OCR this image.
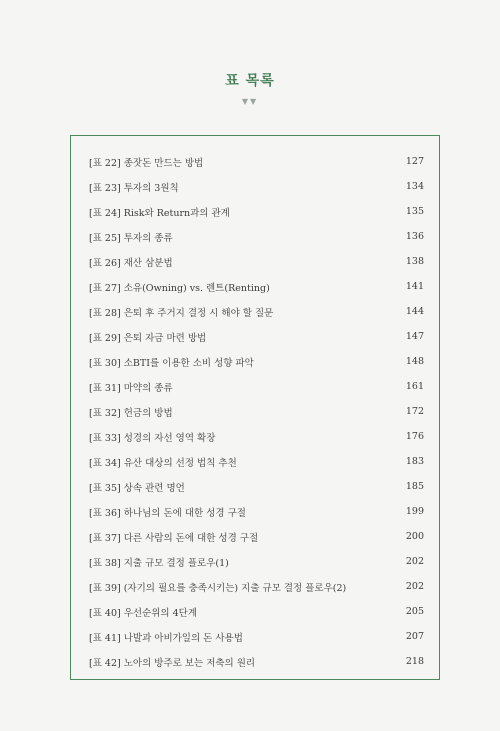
표 목록
▼▼
[표 22] 종잣돈 만드는 방법	127
[표 23] 투자의 3원칙	134
[표 24] Risk와 Return과의 관계	135
[표 25] 투자의 종류	136
[표 26] 재산 삼분법	138
[표 27] 소유(Owning) vs. 렌트(Renting)	141
[표 28] 은퇴 후 주거지 결정 시 해야 할 질문	144
[표 29] 은퇴 자금 마련 방법	147
[표 30] 소BTI를 이용한 소비 성향 파악	148
[표 31] 마약의 종류	161
[표 32] 헌금의 방법	172
[표 33] 성경의 자선 영역 확장	176
[표 34] 유산 대상의 선정 법칙 추천	183
[표 35] 상속 관련 명언	185
[표 36] 하나님의 돈에 대한 성경 구절	199
[표 37] 다른 사람의 돈에 대한 성경 구절	200
[표 38] 지출 규모 결정 플로우(1)	202
[표 39] (자기의 필요를 충족시키는) 지출 규모 결정 플로우(2)	202
[표 40] 우선순위의 4단계	205
[표 41] 나발과 아비가일의 돈 사용법	207
[표 42] 노아의 방주로 보는 저축의 원리	218
